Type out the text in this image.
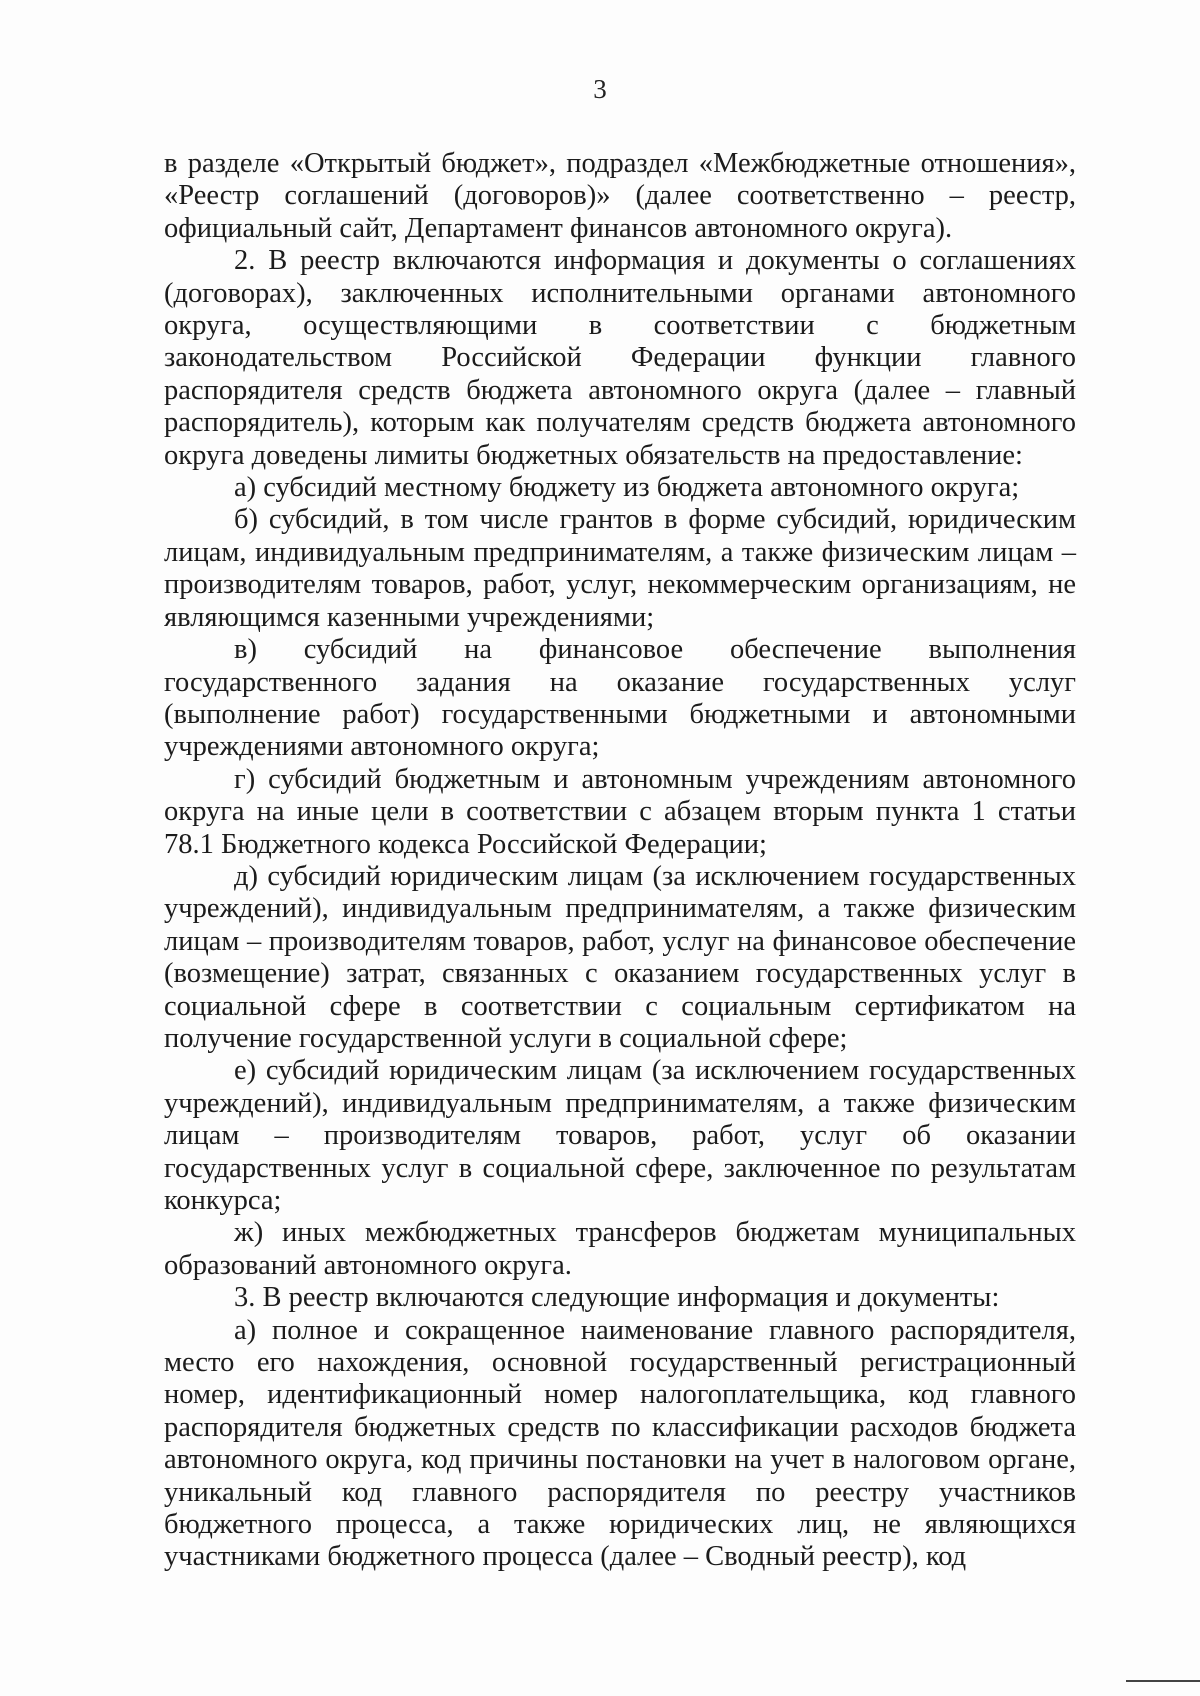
3

в разделе «Открытый бюджет», подраздел «Межбюджетные отношения», «Реестр соглашений (договоров)» (далее соответственно – реестр, официальный сайт, Департамент финансов автономного округа).

2. В реестр включаются информация и документы о соглашениях (договорах), заключенных исполнительными органами автономного округа, осуществляющими в соответствии с бюджетным законодательством Российской Федерации функции главного распорядителя средств бюджета автономного округа (далее – главный распорядитель), которым как получателям средств бюджета автономного округа доведены лимиты бюджетных обязательств на предоставление:

а) субсидий местному бюджету из бюджета автономного округа;

б) субсидий, в том числе грантов в форме субсидий, юридическим лицам, индивидуальным предпринимателям, а также физическим лицам – производителям товаров, работ, услуг, некоммерческим организациям, не являющимся казенными учреждениями;

в) субсидий на финансовое обеспечение выполнения государственного задания на оказание государственных услуг (выполнение работ) государственными бюджетными и автономными учреждениями автономного округа;

г) субсидий бюджетным и автономным учреждениям автономного округа на иные цели в соответствии с абзацем вторым пункта 1 статьи 78.1 Бюджетного кодекса Российской Федерации;

д) субсидий юридическим лицам (за исключением государственных учреждений), индивидуальным предпринимателям, а также физическим лицам – производителям товаров, работ, услуг на финансовое обеспечение (возмещение) затрат, связанных с оказанием государственных услуг в социальной сфере в соответствии с социальным сертификатом на получение государственной услуги в социальной сфере;

е) субсидий юридическим лицам (за исключением государственных учреждений), индивидуальным предпринимателям, а также физическим лицам – производителям товаров, работ, услуг об оказании государственных услуг в социальной сфере, заключенное по результатам конкурса;

ж) иных межбюджетных трансферов бюджетам муниципальных образований автономного округа.

3. В реестр включаются следующие информация и документы:

а) полное и сокращенное наименование главного распорядителя, место его нахождения, основной государственный регистрационный номер, идентификационный номер налогоплательщика, код главного распорядителя бюджетных средств по классификации расходов бюджета автономного округа, код причины постановки на учет в налоговом органе, уникальный код главного распорядителя по реестру участников бюджетного процесса, а также юридических лиц, не являющихся участниками бюджетного процесса (далее – Сводный реестр), код
